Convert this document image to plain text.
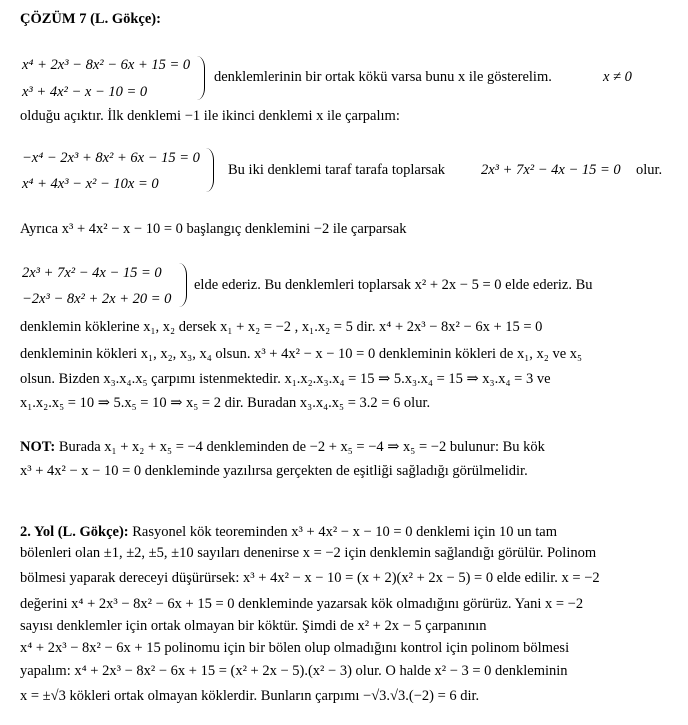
ÇÖZÜM 7 (L. Gökçe):
x⁴ + 2x³ − 8x² − 6x + 15 = 0
x³ + 4x² − x − 10 = 0
denklemlerinin bir ortak kökü varsa bunu x ile gösterelim.	x ≠ 0
olduğu açıktır. İlk denklemi −1 ile ikinci denklemi x ile çarpalım:
−x⁴ − 2x³ + 8x² + 6x − 15 = 0
x⁴ + 4x³ − x² − 10x = 0
Bu iki denklemi taraf tarafa toplarsak 2x³ + 7x² − 4x − 15 = 0 olur.
Ayrıca x³ + 4x² − x − 10 = 0 başlangıç denklemini −2 ile çarparsak
2x³ + 7x² − 4x − 15 = 0
−2x³ − 8x² + 2x + 20 = 0
elde ederiz. Bu denklemleri toplarsak x² + 2x − 5 = 0 elde ederiz. Bu
denklemin köklerine x₁, x₂ dersek x₁ + x₂ = −2 , x₁.x₂ = 5 dir. x⁴ + 2x³ − 8x² − 6x + 15 = 0
denkleminin kökleri x₁, x₂, x₃, x₄ olsun. x³ + 4x² − x − 10 = 0 denkleminin kökleri de x₁, x₂ ve x₅
olsun. Bizden x₃.x₄.x₅ çarpımı istenmektedir. x₁.x₂.x₃.x₄ = 15 ⇒ 5.x₃.x₄ = 15 ⇒ x₃.x₄ = 3 ve
x₁.x₂.x₅ = 10 ⇒ 5.x₅ = 10 ⇒ x₅ = 2 dir. Buradan x₃.x₄.x₅ = 3.2 = 6 olur.
NOT: Burada x₁ + x₂ + x₅ = −4 denkleminden de −2 + x₅ = −4 ⇒ x₅ = −2 bulunur: Bu kök
x³ + 4x² − x − 10 = 0 denkleminde yazılırsa gerçekten de eşitliği sağladığı görülmelidir.
2. Yol (L. Gökçe): Rasyonel kök teoreminden x³ + 4x² − x − 10 = 0 denklemi için 10 un tam
bölenleri olan ±1, ±2, ±5, ±10 sayıları denenirse x = −2 için denklemin sağlandığı görülür. Polinom
bölmesi yaparak dereceyi düşürürsek: x³ + 4x² − x − 10 = (x + 2)(x² + 2x − 5) = 0 elde edilir. x = −2
değerini x⁴ + 2x³ − 8x² − 6x + 15 = 0 denkleminde yazarsak kök olmadığını görürüz. Yani x = −2
sayısı denklemler için ortak olmayan bir köktür. Şimdi de x² + 2x − 5 çarpanının
x⁴ + 2x³ − 8x² − 6x + 15 polinomu için bir bölen olup olmadığını kontrol için polinom bölmesi
yapalım: x⁴ + 2x³ − 8x² − 6x + 15 = (x² + 2x − 5).(x² − 3) olur. O halde x² − 3 = 0 denkleminin
x = ±√3 kökleri ortak olmayan köklerdir. Bunların çarpımı −√3.√3.(−2) = 6 dir.
